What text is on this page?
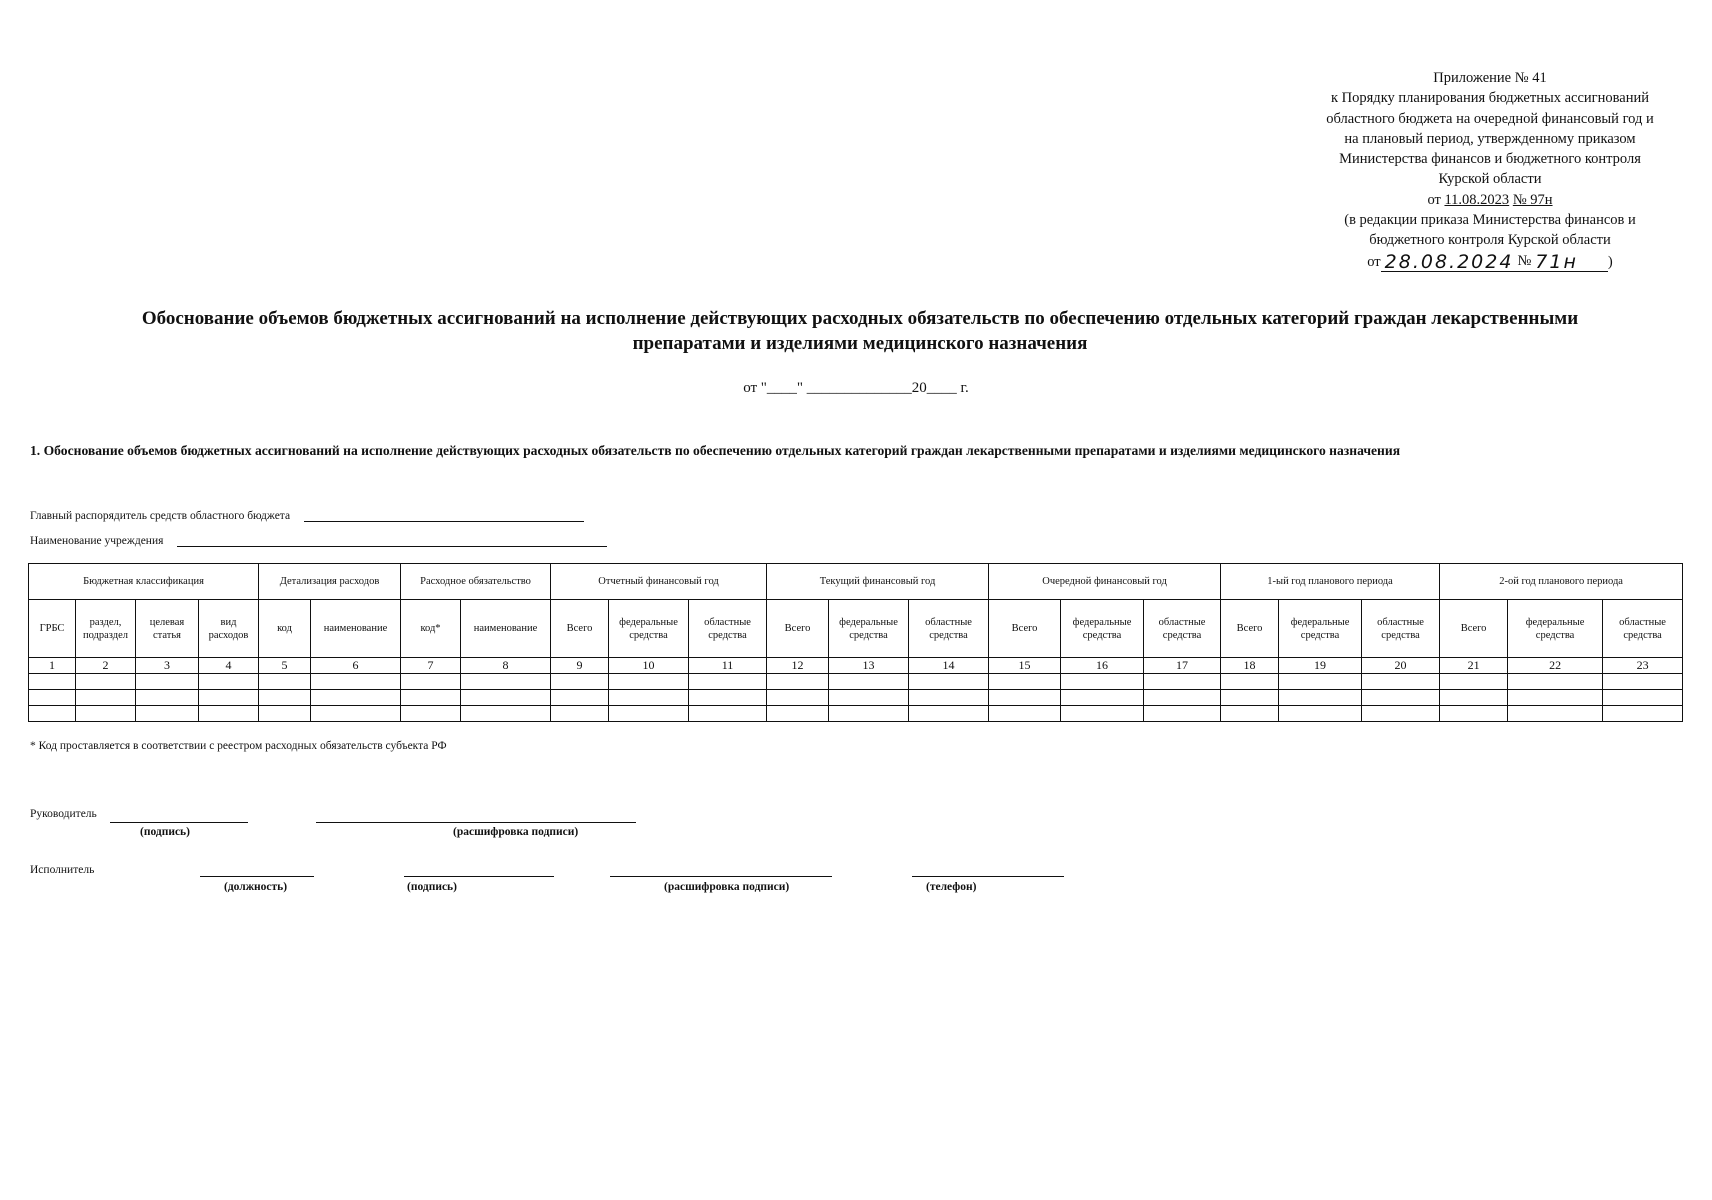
Приложение № 41
к Порядку планирования бюджетных ассигнований
областного бюджета на очередной финансовый год и
на плановый период, утвержденному приказом
Министерства финансов и бюджетного контроля
Курской области
от 11.08.2023 № 97н
(в редакции приказа Министерства финансов и
бюджетного контроля Курской области
от 28.08.2024 № 71н	)
Обоснование объемов бюджетных ассигнований на исполнение действующих расходных обязательств по обеспечению отдельных категорий граждан лекарственными
препаратами и изделиями медицинского назначения
от "____" ______________20____ г.
1. Обоснование объемов бюджетных ассигнований на исполнение действующих расходных обязательств по обеспечению отдельных категорий граждан лекарственными препаратами и изделиями медицинского назначения
Главный распорядитель средств областного бюджета
Наименование учреждения
Бюджетная классификация				Детализация расходов		Расходное обязательство		Отчетный финансовый год			Текущий финансовый год			Очередной финансовый год			1-ый год планового периода			2-ой год планового периода		
ГРБС	раздел, подраздел	целевая статья	вид расходов	код	наименование	код*	наименование	Всего	федеральные средства	областные средства	Всего	федеральные средства	областные средства	Всего	федеральные средства	областные средства	Всего	федеральные средства	областные средства	Всего	федеральные средства	областные средства
1	2	3	4	5	6	7	8	9	10	11	12	13	14	15	16	17	18	19	20	21	22	23

* Код проставляется в соответствии с реестром расходных обязательств субъекта РФ
Руководитель
(подпись)	(расшифровка подписи)
Исполнитель
(должность)	(подпись)	(расшифровка подписи)	(телефон)
